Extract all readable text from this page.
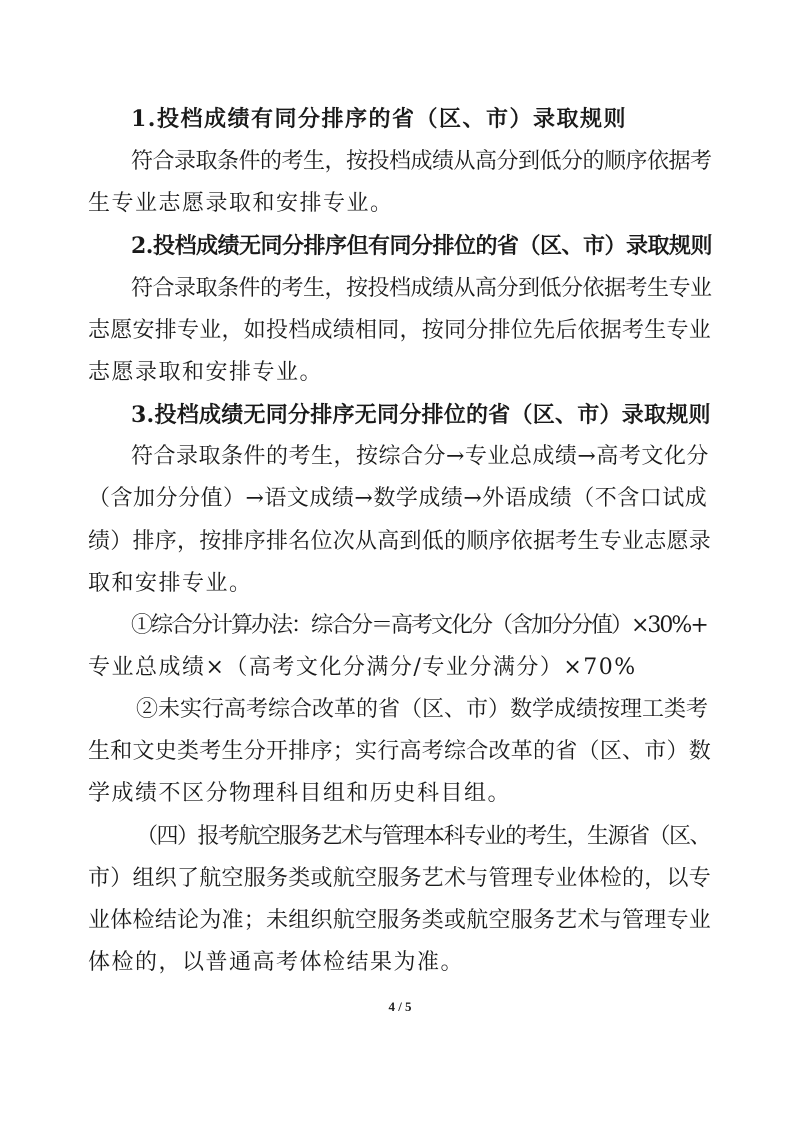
1.投档成绩有同分排序的省（区、市）录取规则
符合录取条件的考生，按投档成绩从高分到低分的顺序依据考
生专业志愿录取和安排专业。
2.投档成绩无同分排序但有同分排位的省（区、市）录取规则
符合录取条件的考生，按投档成绩从高分到低分依据考生专业
志愿安排专业，如投档成绩相同，按同分排位先后依据考生专业
志愿录取和安排专业。
3.投档成绩无同分排序无同分排位的省（区、市）录取规则
符合录取条件的考生，按综合分→专业总成绩→高考文化分
（含加分分值）→语文成绩→数学成绩→外语成绩（不含口试成
绩）排序，按排序排名位次从高到低的顺序依据考生专业志愿录
取和安排专业。
①综合分计算办法：综合分＝高考文化分（含加分分值）×30%+
专业总成绩×（高考文化分满分/专业分满分）×70%
②未实行高考综合改革的省（区、市）数学成绩按理工类考
生和文史类考生分开排序；实行高考综合改革的省（区、市）数
学成绩不区分物理科目组和历史科目组。
（四）报考航空服务艺术与管理本科专业的考生，生源省（区、
市）组织了航空服务类或航空服务艺术与管理专业体检的，以专
业体检结论为准；未组织航空服务类或航空服务艺术与管理专业
体检的，以普通高考体检结果为准。
4 / 5
